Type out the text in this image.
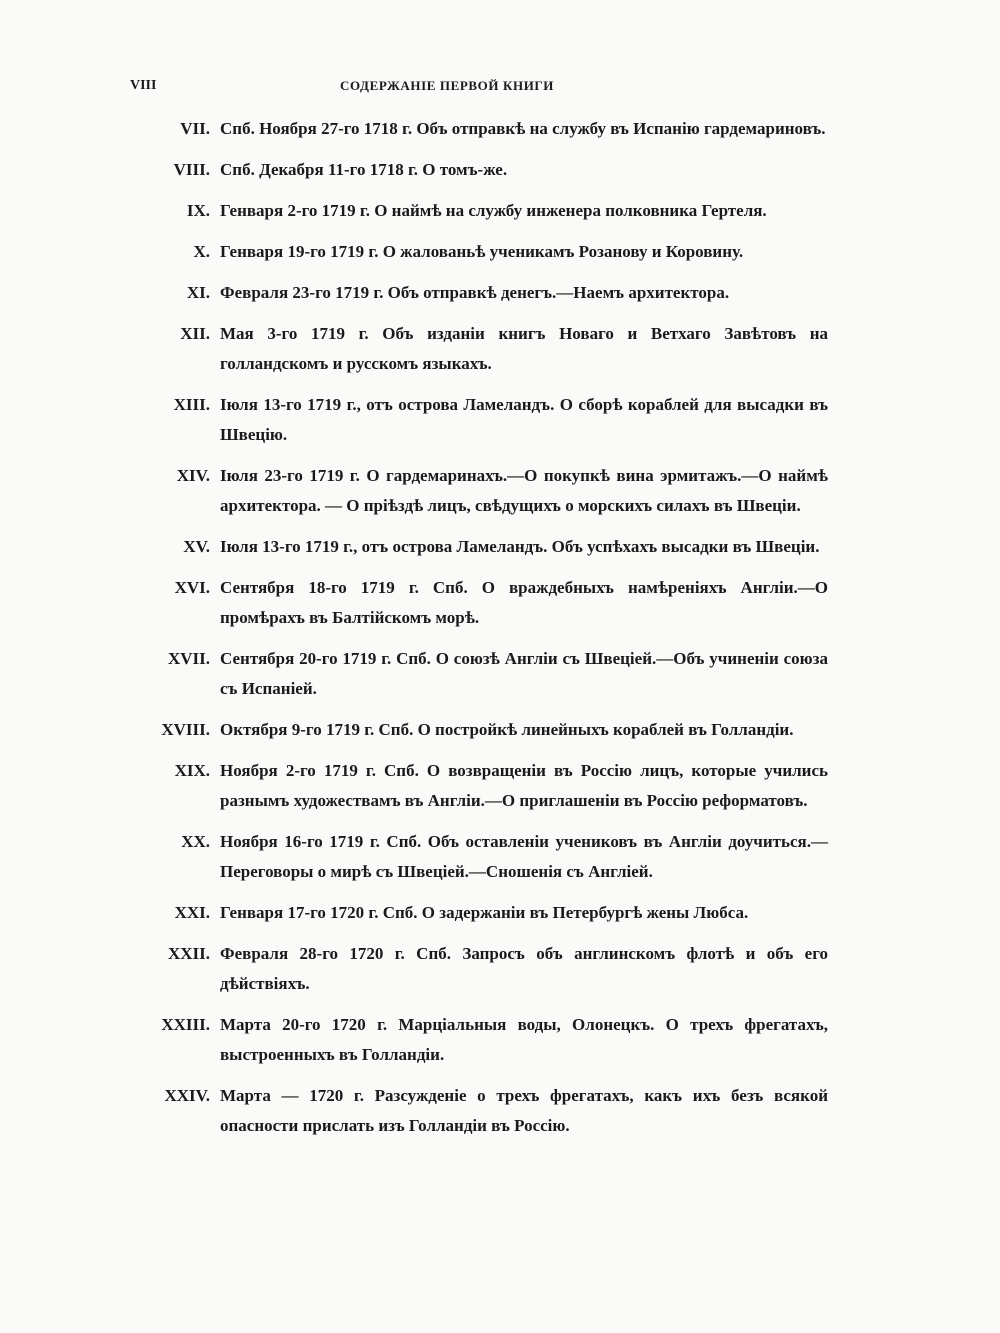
VIII	СОДЕРЖАНІЕ ПЕРВОЙ КНИГИ
VII. Спб. Ноября 27-го 1718 г. Объ отправкѣ на службу въ Испанію гардемариновъ.
VIII. Спб. Декабря 11-го 1718 г. О томъ-же.
IX. Генваря 2-го 1719 г. О наймѣ на службу инженера полковника Гертеля.
X. Генваря 19-го 1719 г. О жалованьѣ ученикамъ Розанову и Коровину.
XI. Февраля 23-го 1719 г. Объ отправкѣ денегъ.—Наемъ архитектора.
XII. Мая 3-го 1719 г. Объ изданіи книгъ Новаго и Ветхаго Завѣтовъ на голландскомъ и русскомъ языкахъ.
XIII. Іюля 13-го 1719 г., отъ острова Ламеландъ. О сборѣ кораблей для высадки въ Швецію.
XIV. Іюля 23-го 1719 г. О гардемаринахъ.—О покупкѣ вина эрмитажъ.—О наймѣ архитектора. — О пріѣздѣ лицъ, свѣдущихъ о морскихъ силахъ въ Швеціи.
XV. Іюля 13-го 1719 г., отъ острова Ламеландъ. Объ успѣхахъ высадки въ Швеціи.
XVI. Сентября 18-го 1719 г. Спб. О враждебныхъ намѣреніяхъ Англіи.—О промѣрахъ въ Балтійскомъ морѣ.
XVII. Сентября 20-го 1719 г. Спб. О союзѣ Англіи съ Швеціей.—Объ учиненіи союза съ Испаніей.
XVIII. Октября 9-го 1719 г. Спб. О постройкѣ линейныхъ кораблей въ Голландіи.
XIX. Ноября 2-го 1719 г. Спб. О возвращеніи въ Россію лицъ, которые учились разнымъ художествамъ въ Англіи.—О приглашеніи въ Россію реформатовъ.
XX. Ноября 16-го 1719 г. Спб. Объ оставленіи учениковъ въ Англіи доучиться.—Переговоры о мирѣ съ Швеціей.—Сношенія съ Англіей.
XXI. Генваря 17-го 1720 г. Спб. О задержаніи въ Петербургѣ жены Любса.
XXII. Февраля 28-го 1720 г. Спб. Запросъ объ англинскомъ флотѣ и объ его дѣйствіяхъ.
XXIII. Марта 20-го 1720 г. Марціальныя воды, Олонецкъ. О трехъ фрегатахъ, выстроенныхъ въ Голландіи.
XXIV. Марта — 1720 г. Разсужденіе о трехъ фрегатахъ, какъ ихъ безъ всякой опасности прислать изъ Голландіи въ Россію.
